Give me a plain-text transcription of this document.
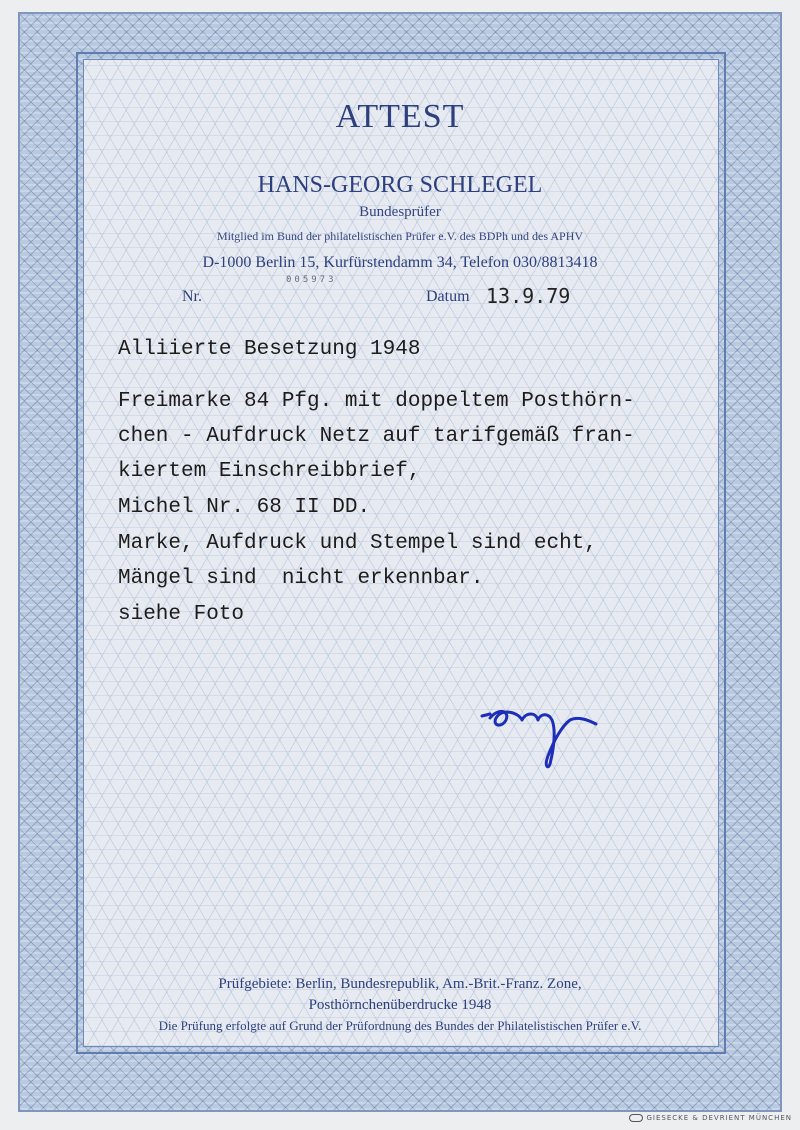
ATTEST
HANS-GEORG SCHLEGEL
Bundesprüfer
Mitglied im Bund der philatelistischen Prüfer e.V. des BDPh und des APHV
D-1000 Berlin 15, Kurfürstendamm 34, Telefon 030/8813418
005973
Nr.	Datum 13.9.79
Alliierte Besetzung 1948
Freimarke 84 Pfg. mit doppeltem Posthörn-
chen - Aufdruck Netz auf tarifgemäß fran-
kiertem Einschreibbrief,
Michel Nr. 68 II DD.
Marke, Aufdruck und Stempel sind echt,
Mängel sind  nicht erkennbar.
siehe Foto
Prüfgebiete: Berlin, Bundesrepublik, Am.-Brit.-Franz. Zone,
Posthörnchenüberdrucke 1948
Die Prüfung erfolgte auf Grund der Prüfordnung des Bundes der Philatelistischen Prüfer e.V.
GIESECKE & DEVRIENT MÜNCHEN
